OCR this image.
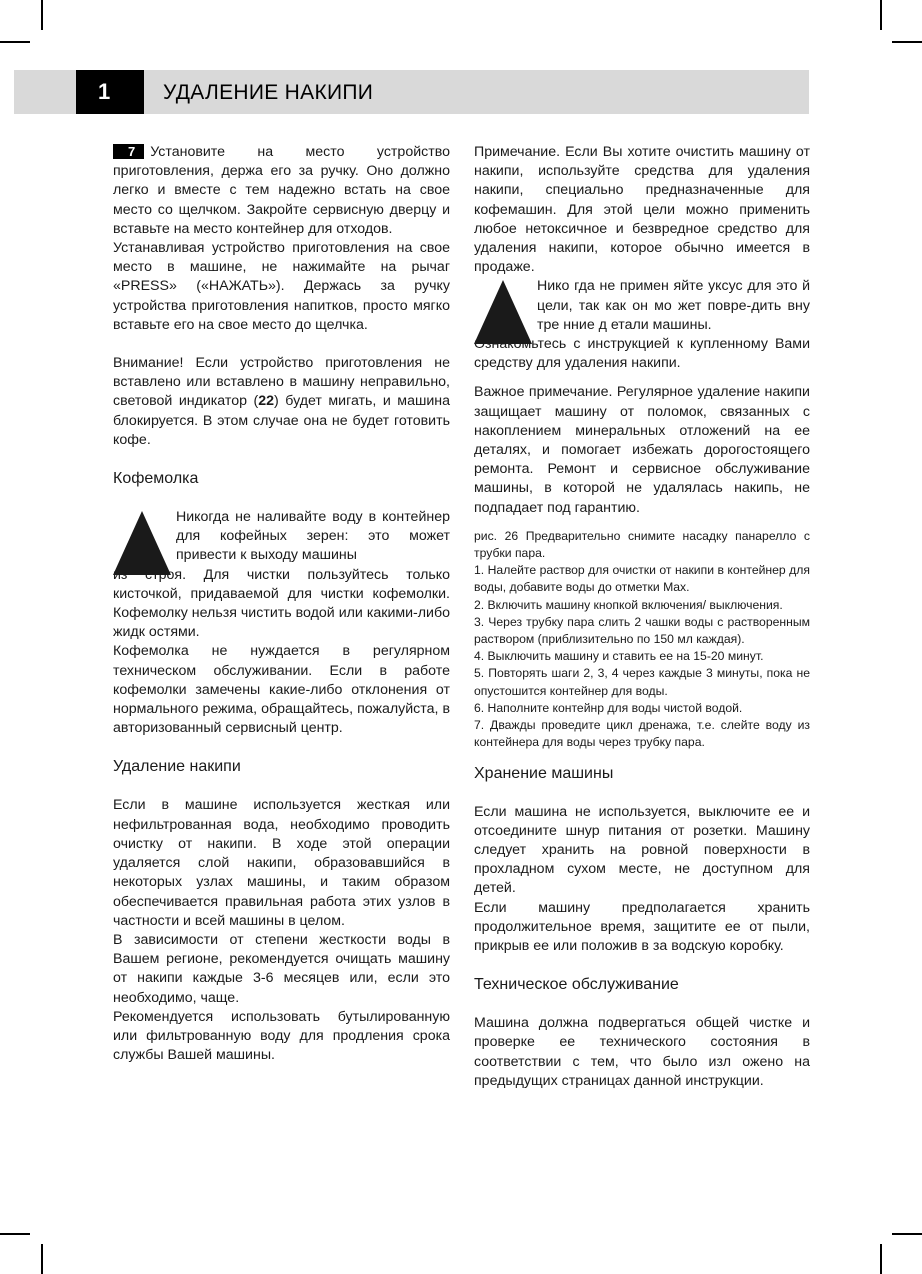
1	УДАЛЕНИЕ НАКИПИ

7 Установите на место устройство приготовления, держа его за ручку. Оно должно легко и вместе с тем надежно встать на свое место со щелчком. Закройте сервисную дверцу и вставьте на место контейнер для отходов.

Устанавливая устройство приготовления на свое место в машине, не нажимайте на рычаг «PRESS» («НАЖАТЬ»). Держась за ручку устройства приготовления напитков, просто мягко вставьте его на свое место до щелчка.

Внимание! Если устройство приготовления не вставлено или вставлено в машину неправильно, световой индикатор (22) будет мигать, и машина блокируется. В этом случае она не будет готовить кофе.

Кофемолка

Никогда не наливайте воду в контейнер для кофейных зерен: это может привести к выходу машины

из строя. Для чистки пользуйтесь только кисточкой, придаваемой для чистки кофемолки. Кофемолку нельзя чистить водой или какими-либо жидк остями.

Кофемолка не нуждается в регулярном техническом обслуживании. Если в работе кофемолки замечены какие-либо отклонения от нормального режима, обращайтесь, пожалуйста, в авторизованный сервисный центр.

Удаление накипи

Если в машине используется жесткая или нефильтрованная вода, необходимо проводить очистку от накипи. В ходе этой операции удаляется слой накипи, образовавшийся в некоторых узлах машины, и таким образом обеспечивается правильная работа этих узлов в частности и всей машины в целом.

В зависимости от степени жесткости воды в Вашем регионе, рекомендуется очищать машину от накипи каждые 3-6 месяцев или, если это необходимо, чаще.

Рекомендуется использовать бутылированную или фильтрованную воду для продления срока службы Вашей машины.

Примечание. Если Вы хотите очистить машину от накипи, используйте средства для удаления накипи, специально предназначенные для кофемашин. Для этой цели можно применить любое нетоксичное и безвредное средство для удаления накипи, которое обычно имеется в продаже.

Нико гда не примен яйте уксус для это й цели, так как он мо жет повре-дить вну тре нние д етали машины.

Ознакомьтесь с инструкцией к купленному Вами средству для удаления накипи.

Важное примечание. Регулярное удаление накипи защищает машину от поломок, связанных с накоплением минеральных отложений на ее деталях, и помогает избежать дорогостоящего ремонта. Ремонт и сервисное обслуживание машины, в которой не удалялась накипь, не подпадает под гарантию.

рис. 26 Предварительно снимите насадку панарелло с трубки пара.

1. Налейте раствор для очистки от накипи в контейнер для воды, добавите воды до отметки Max.

2. Включить машину кнопкой включения/ выключения.

3. Через трубку пара слить 2 чашки воды с раствоpенным раствором (приблизительно по 150 мл каждая).

4. Выключить машину и ставить ее на 15-20 минут.

5. Повторять шаги 2, 3, 4 через каждые 3 минуты, пока не опустошится контейнер для воды.

6. Наполните контейнр для воды чистой водой.

7. Дважды проведите цикл дренажа, т.е. слейте воду из контейнера для воды через трубку пара.

Хранение машины

Если машина не используется, выключите ее и отсоедините шнур питания от розетки. Машину следует хранить на ровной поверхности в прохладном сухом месте, не доступном для детей.

Если машину предполагается хранить продолжительное время, защитите ее от пыли, прикрыв ее или положив в за водскую коробку.

Техническое обслуживание

Машина должна подвергаться общей чистке и проверке ее технического состояния в соответствии с тем, что было изл ожено на предыдущих страницах данной инструкции.
